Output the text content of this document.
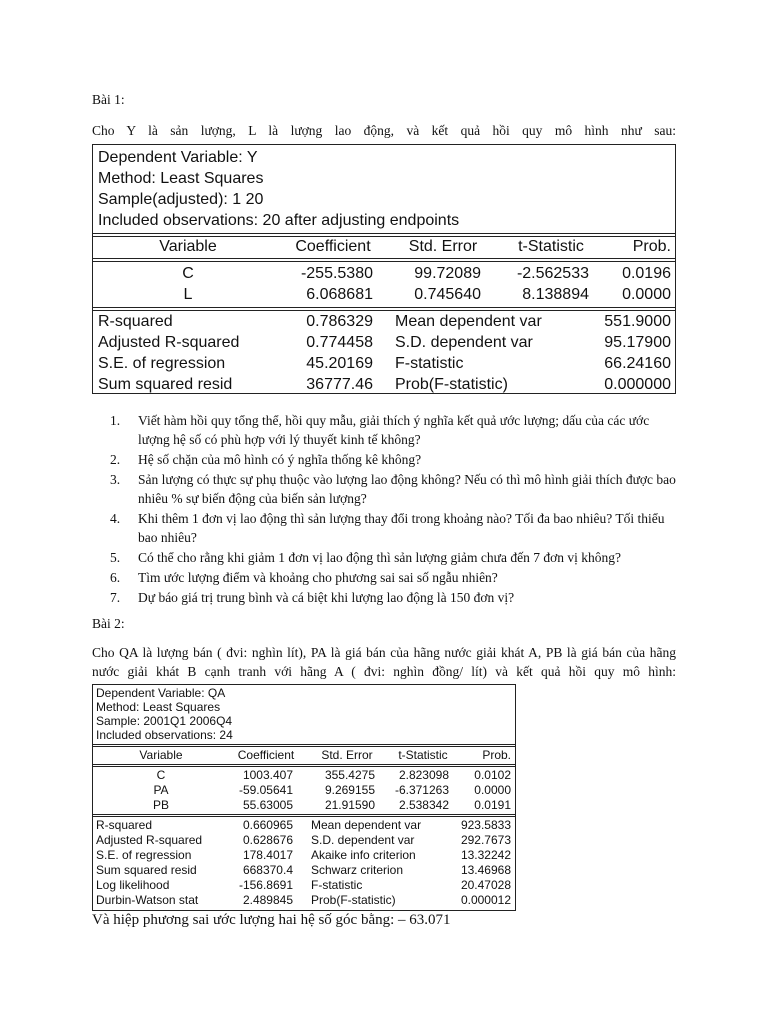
Bài 1:
Cho Y là sản lượng, L là lượng lao động, và kết quả hồi quy mô hình như sau:
Dependent Variable: Y
Method: Least Squares
Sample(adjusted): 1 20
Included observations: 20 after adjusting endpoints
Variable	Coefficient	Std. Error	t-Statistic	Prob.
C	-255.5380	99.72089	-2.562533	0.0196
L	6.068681	0.745640	8.138894	0.0000
R-squared	0.786329 Mean dependent var	551.9000
Adjusted R-squared	0.774458 S.D. dependent var	95.17900
S.E. of regression	45.20169 F-statistic	66.24160
Sum squared resid	36777.46 Prob(F-statistic)	0.000000
1. Viết hàm hồi quy tổng thể, hồi quy mẫu, giải thích ý nghĩa kết quả ước lượng; dấu của các ước lượng hệ số có phù hợp với lý thuyết kinh tế không?
2. Hệ số chặn của mô hình có ý nghĩa thống kê không?
3. Sản lượng có thực sự phụ thuộc vào lượng lao động không? Nếu có thì mô hình giải thích được bao nhiêu % sự biến động của biến sản lượng?
4. Khi thêm 1 đơn vị lao động thì sản lượng thay đổi trong khoảng nào? Tối đa bao nhiêu? Tối thiểu bao nhiêu?
5. Có thể cho rằng khi giảm 1 đơn vị lao động thì sản lượng giảm chưa đến 7 đơn vị không?
6. Tìm ước lượng điểm và khoảng cho phương sai sai số ngẫu nhiên?
7. Dự báo giá trị trung bình và cá biệt khi lượng lao động là 150 đơn vị?
Bài 2:
Cho QA là lượng bán ( đvi: nghìn lít), PA là giá bán của hãng nước giải khát A, PB là giá bán của hãng
nước giải khát B cạnh tranh với hãng A ( đvi: nghìn đồng/ lít) và kết quả hồi quy mô hình:
Dependent Variable: QA
Method: Least Squares
Sample: 2001Q1 2006Q4
Included observations: 24
Variable	Coefficient	Std. Error	t-Statistic	Prob.
C	1003.407	355.4275	2.823098	0.0102
PA	-59.05641	9.269155	-6.371263	0.0000
PB	55.63005	21.91590	2.538342	0.0191
R-squared	0.660965 Mean dependent var	923.5833
Adjusted R-squared	0.628676 S.D. dependent var	292.7673
S.E. of regression	178.4017 Akaike info criterion	13.32242
Sum squared resid	668370.4 Schwarz criterion	13.46968
Log likelihood	-156.8691 F-statistic	20.47028
Durbin-Watson stat	2.489845 Prob(F-statistic)	0.000012
Và hiệp phương sai ước lượng hai hệ số góc bằng: – 63.071
